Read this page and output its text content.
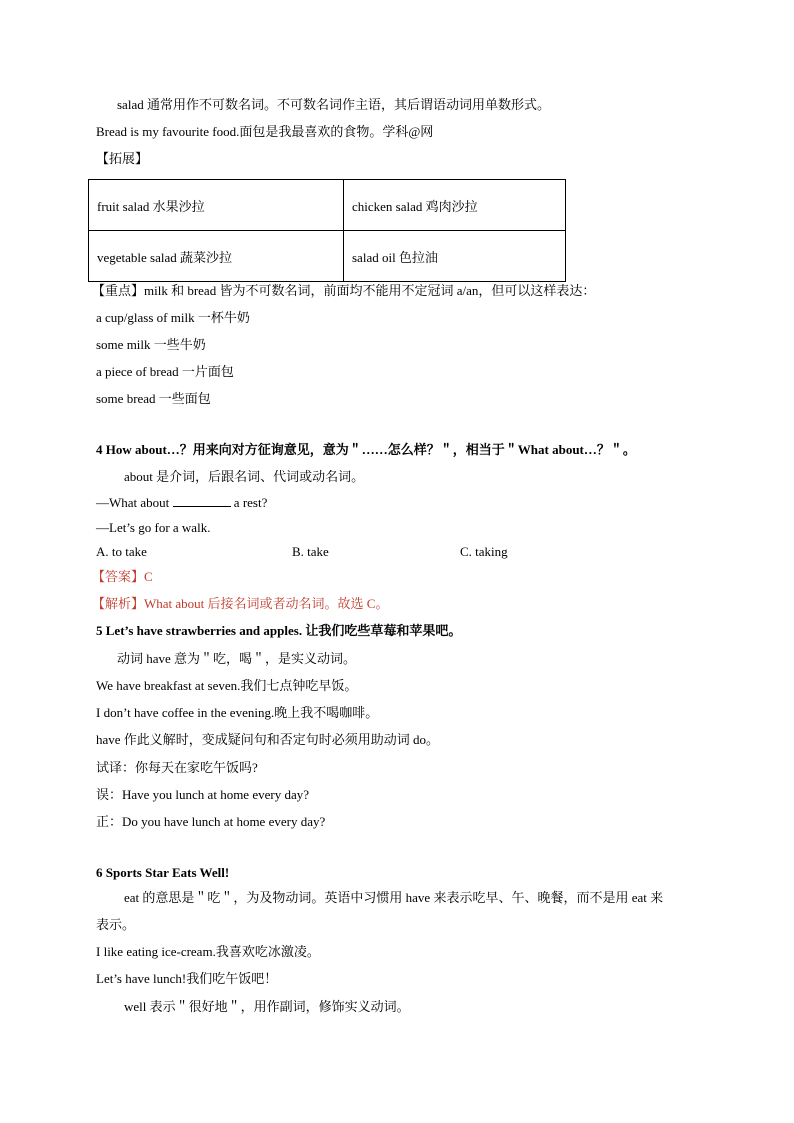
salad 通常用作不可数名词。不可数名词作主语，其后谓语动词用单数形式。
Bread is my favourite food.面包是我最喜欢的食物。学科@网
【拓展】
fruit salad 水果沙拉	chicken salad 鸡肉沙拉
vegetable salad 蔬菜沙拉	salad oil 色拉油
【重点】milk 和 bread 皆为不可数名词，前面均不能用不定冠词 a/an，但可以这样表达：
a cup/glass of milk 一杯牛奶
some milk 一些牛奶
a piece of bread 一片面包
some bread 一些面包
4 How about…？用来向对方征询意见，意为＂……怎么样？＂，相当于＂What about…？＂。
about 是介词，后跟名词、代词或动名词。
—What about	a rest?
—Let’s go for a walk.
A. to take	B. take	C. taking
【答案】C
【解析】What about 后接名词或者动名词。故选 C。
5 Let’s have strawberries and apples. 让我们吃些草莓和苹果吧。
动词 have 意为＂吃，喝＂，是实义动词。
We have breakfast at seven.我们七点钟吃早饭。
I don’t have coffee in the evening.晚上我不喝咖啡。
have 作此义解时，变成疑问句和否定句时必须用助动词 do。
试译：你每天在家吃午饭吗?
误：Have you lunch at home every day?
正：Do you have lunch at home every day?
6 Sports Star Eats Well!
eat 的意思是＂吃＂，为及物动词。英语中习惯用 have 来表示吃早、午、晚餐，而不是用 eat 来
表示。
I like eating ice-cream.我喜欢吃冰激凌。
Let’s have lunch!我们吃午饭吧！
well 表示＂很好地＂，用作副词，修饰实义动词。
